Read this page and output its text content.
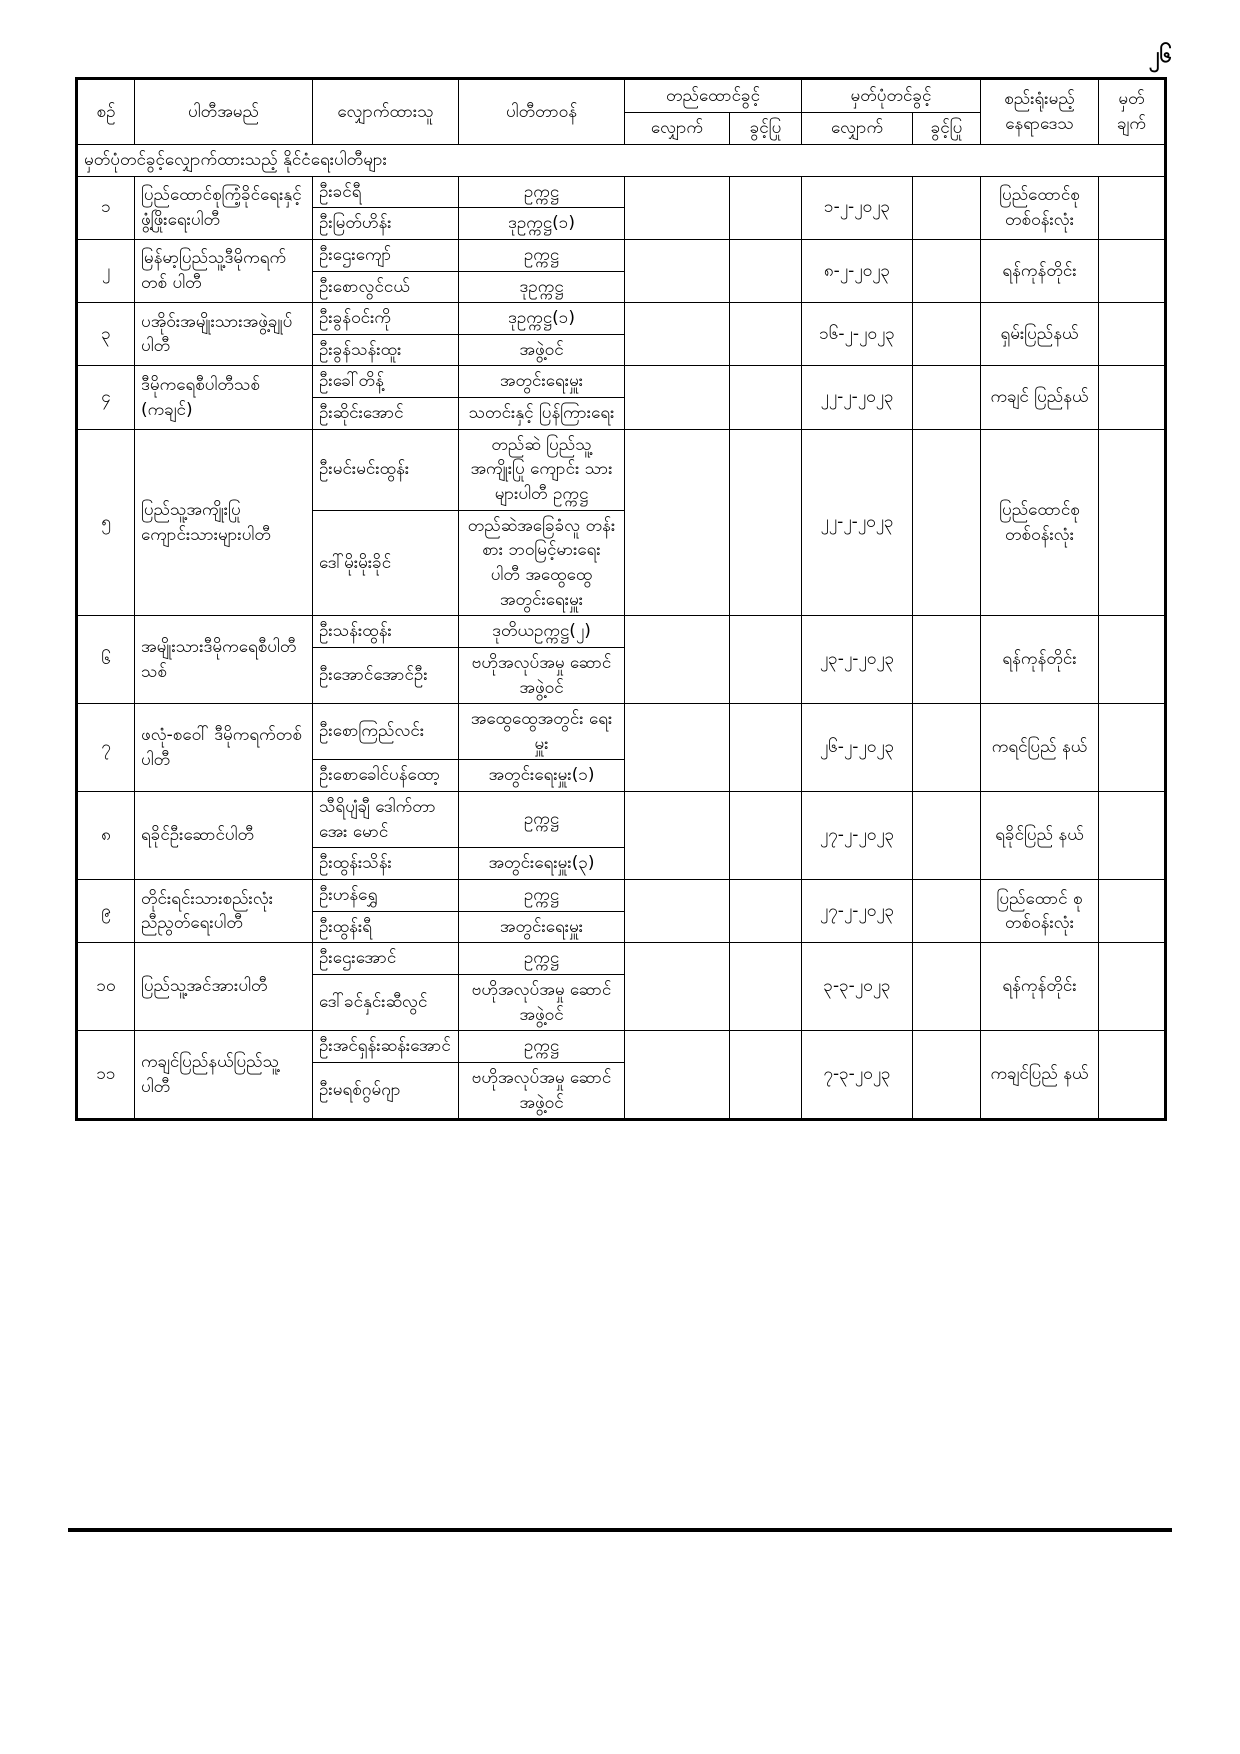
၂၆
စဉ်	ပါတီအမည်	လျှောက်ထားသူ	ပါတီတာဝန်	တည်ထောင်ခွင့်		မှတ်ပုံတင်ခွင့်		စည်းရုံးမည့် နေရာဒေသ	မှတ် ချက်
				လျှောက်	ခွင့်ပြု	လျှောက်	ခွင့်ပြု		
မှတ်ပုံတင်ခွင့်လျှောက်ထားသည့် နိုင်ငံရေးပါတီများ									
၁	ပြည်ထောင်စုကြံ့ခိုင်ရေးနှင့် ဖွံ့ဖြိုးရေးပါတီ	ဦးခင်ရီ	ဥက္ကဋ္ဌ			၁-၂-၂၀၂၃		ပြည်ထောင်စု တစ်ဝန်းလုံး	
		ဦးမြတ်ဟိန်း	ဒုဥက္ကဋ္ဌ(၁)						
၂	မြန်မာ့ပြည်သူ့ဒီမိုကရက်တစ် ပါတီ	ဦးဌေးကျော်	ဥက္ကဋ္ဌ			၈-၂-၂၀၂၃		ရန်ကုန်တိုင်း	
		ဦးစောလွင်ငယ်	ဒုဥက္ကဋ္ဌ						
၃	ပအိုဝ်းအမျိုးသားအဖွဲ့ချုပ်ပါတီ	ဦးခွန်ဝင်းကို	ဒုဥက္ကဋ္ဌ(၁)			၁၆-၂-၂၀၂၃		ရှမ်းပြည်နယ်	
		ဦးခွန်သန်းထူး	အဖွဲ့ဝင်						
၄	ဒီမိုကရေစီပါတီသစ် (ကချင်)	ဦးခေါ်တိန့်	အတွင်းရေးမှူး			၂၂-၂-၂၀၂၃		ကချင် ပြည်နယ်	
		ဦးဆိုင်းအောင်	သတင်းနှင့် ပြန်ကြားရေး						
၅	ပြည်သူ့အကျိုးပြုကျောင်းသားများပါတီ	ဦးမင်းမင်းထွန်း	တည်ဆဲ ပြည်သူ့ အကျိုးပြု ကျောင်း သားများပါတီ ဥက္ကဋ္ဌ			၂၂-၂-၂၀၂၃		ပြည်ထောင်စု တစ်ဝန်းလုံး	
		ဒေါ်မိုးမိုးခိုင်	တည်ဆဲအခြေခံလူ တန်းစား ဘဝမြင့်မားရေး ပါတီ အထွေထွေ အတွင်းရေးမှူး						
၆	အမျိုးသားဒီမိုကရေစီပါတီသစ်	ဦးသန်းထွန်း	ဒုတိယဥက္ကဋ္ဌ(၂)			၂၃-၂-၂၀၂၃		ရန်ကုန်တိုင်း	
		ဦးအောင်အောင်ဦး	ဗဟိုအလုပ်အမှု ဆောင်အဖွဲ့ဝင်						
၇	ဖလုံ-စဝေါ် ဒီမိုကရက်တစ်ပါတီ	ဦးစောကြည်လင်း	အထွေထွေအတွင်း ရေးမှူး			၂၆-၂-၂၀၂၃		ကရင်ပြည် နယ်	
		ဦးစောခေါင်ပန်ထော့	အတွင်းရေးမှူး(၁)						
၈	ရခိုင်ဦးဆောင်ပါတီ	သီရိပျံချီ ဒေါက်တာအေး မောင်	ဥက္ကဋ္ဌ			၂၇-၂-၂၀၂၃		ရခိုင်ပြည် နယ်	
		ဦးထွန်းသိန်း	အတွင်းရေးမှူး(၃)						
၉	တိုင်းရင်းသားစည်းလုံးညီညွတ်ရေးပါတီ	ဦးဟန်ရွှေ	ဥက္ကဋ္ဌ			၂၇-၂-၂၀၂၃		ပြည်ထောင် စုတစ်ဝန်းလုံး	
		ဦးထွန်းရီ	အတွင်းရေးမှူး						
၁၀	ပြည်သူ့အင်အားပါတီ	ဦးဌေးအောင်	ဥက္ကဋ္ဌ			၃-၃-၂၀၂၃		ရန်ကုန်တိုင်း	
		ဒေါ်ခင်နှင်းဆီလွင်	ဗဟိုအလုပ်အမှု ဆောင်အဖွဲ့ဝင်						
၁၁	ကချင်ပြည်နယ်ပြည်သူ့ပါတီ	ဦးအင်ရှန်းဆန်းအောင်	ဥက္ကဋ္ဌ			၇-၃-၂၀၂၃		ကချင်ပြည် နယ်	
		ဦးမရစ်ဂွမ်ဂျာ	ဗဟိုအလုပ်အမှု ဆောင်အဖွဲ့ဝင်						
